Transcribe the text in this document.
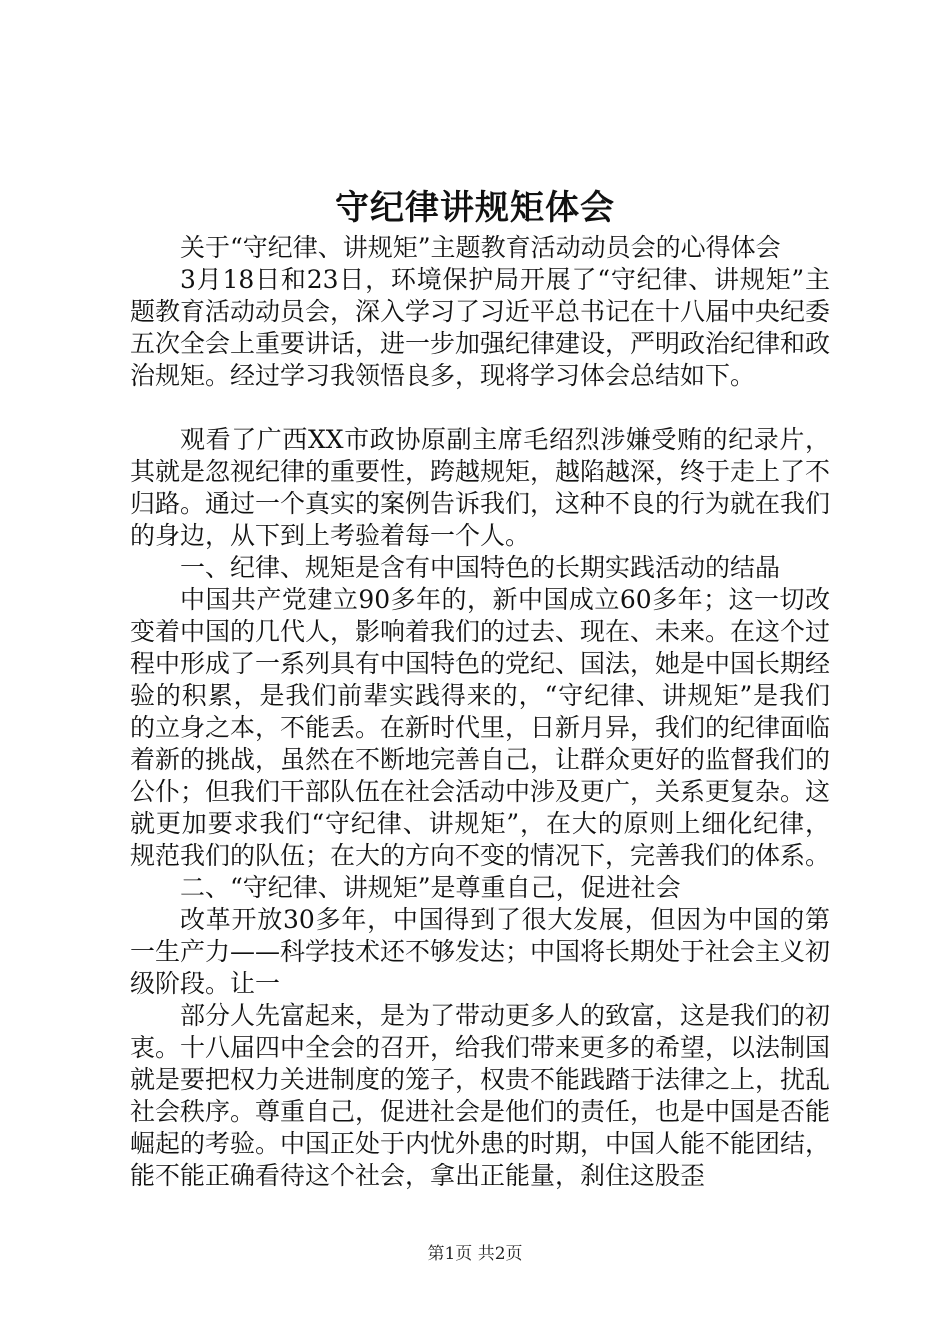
守纪律讲规矩体会

关于“守纪律、讲规矩”主题教育活动动员会的心得体会

3月18日和23日，环境保护局开展了“守纪律、讲规矩”主题教育活动动员会，深入学习了习近平总书记在十八届中央纪委五次全会上重要讲话，进一步加强纪律建设，严明政治纪律和政治规矩。经过学习我领悟良多，现将学习体会总结如下。

观看了广西XX市政协原副主席毛绍烈涉嫌受贿的纪录片，其就是忽视纪律的重要性，跨越规矩，越陷越深，终于走上了不归路。通过一个真实的案例告诉我们，这种不良的行为就在我们的身边，从下到上考验着每一个人。

一、纪律、规矩是含有中国特色的长期实践活动的结晶

中国共产党建立90多年的，新中国成立60多年；这一切改变着中国的几代人，影响着我们的过去、现在、未来。在这个过程中形成了一系列具有中国特色的党纪、国法，她是中国长期经验的积累，是我们前辈实践得来的，“守纪律、讲规矩”是我们的立身之本，不能丢。在新时代里，日新月异，我们的纪律面临着新的挑战，虽然在不断地完善自己，让群众更好的监督我们的公仆；但我们干部队伍在社会活动中涉及更广，关系更复杂。这就更加要求我们“守纪律、讲规矩”，在大的原则上细化纪律，规范我们的队伍；在大的方向不变的情况下，完善我们的体系。

二、“守纪律、讲规矩”是尊重自己，促进社会

改革开放30多年，中国得到了很大发展，但因为中国的第一生产力——科学技术还不够发达；中国将长期处于社会主义初级阶段。让一

部分人先富起来，是为了带动更多人的致富，这是我们的初衷。十八届四中全会的召开，给我们带来更多的希望，以法制国就是要把权力关进制度的笼子，权贵不能践踏于法律之上，扰乱社会秩序。尊重自己，促进社会是他们的责任，也是中国是否能崛起的考验。中国正处于内忧外患的时期，中国人能不能团结，能不能正确看待这个社会，拿出正能量，刹住这股歪

第1页 共2页
